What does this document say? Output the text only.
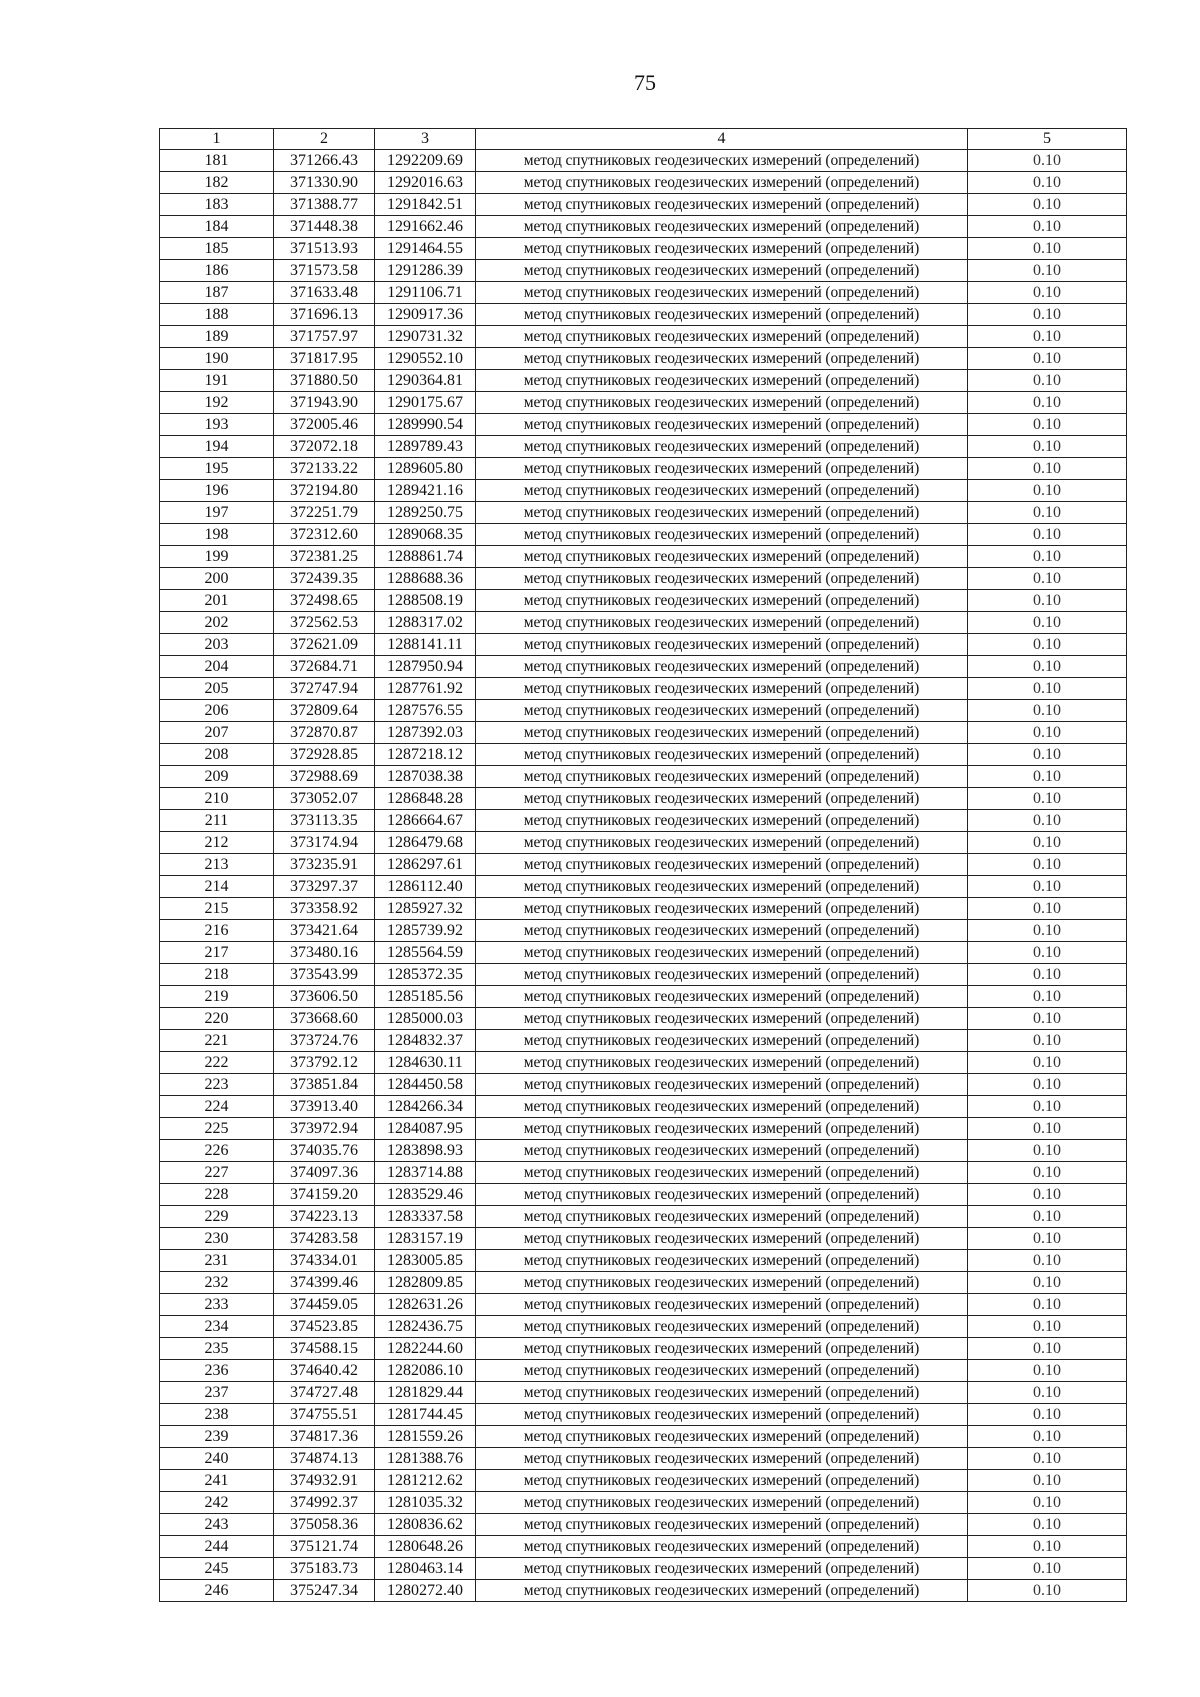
75
1	2	3	4	5
181	371266.43	1292209.69	метод спутниковых геодезических измерений (определений)	0.10
182	371330.90	1292016.63	метод спутниковых геодезических измерений (определений)	0.10
183	371388.77	1291842.51	метод спутниковых геодезических измерений (определений)	0.10
184	371448.38	1291662.46	метод спутниковых геодезических измерений (определений)	0.10
185	371513.93	1291464.55	метод спутниковых геодезических измерений (определений)	0.10
186	371573.58	1291286.39	метод спутниковых геодезических измерений (определений)	0.10
187	371633.48	1291106.71	метод спутниковых геодезических измерений (определений)	0.10
188	371696.13	1290917.36	метод спутниковых геодезических измерений (определений)	0.10
189	371757.97	1290731.32	метод спутниковых геодезических измерений (определений)	0.10
190	371817.95	1290552.10	метод спутниковых геодезических измерений (определений)	0.10
191	371880.50	1290364.81	метод спутниковых геодезических измерений (определений)	0.10
192	371943.90	1290175.67	метод спутниковых геодезических измерений (определений)	0.10
193	372005.46	1289990.54	метод спутниковых геодезических измерений (определений)	0.10
194	372072.18	1289789.43	метод спутниковых геодезических измерений (определений)	0.10
195	372133.22	1289605.80	метод спутниковых геодезических измерений (определений)	0.10
196	372194.80	1289421.16	метод спутниковых геодезических измерений (определений)	0.10
197	372251.79	1289250.75	метод спутниковых геодезических измерений (определений)	0.10
198	372312.60	1289068.35	метод спутниковых геодезических измерений (определений)	0.10
199	372381.25	1288861.74	метод спутниковых геодезических измерений (определений)	0.10
200	372439.35	1288688.36	метод спутниковых геодезических измерений (определений)	0.10
201	372498.65	1288508.19	метод спутниковых геодезических измерений (определений)	0.10
202	372562.53	1288317.02	метод спутниковых геодезических измерений (определений)	0.10
203	372621.09	1288141.11	метод спутниковых геодезических измерений (определений)	0.10
204	372684.71	1287950.94	метод спутниковых геодезических измерений (определений)	0.10
205	372747.94	1287761.92	метод спутниковых геодезических измерений (определений)	0.10
206	372809.64	1287576.55	метод спутниковых геодезических измерений (определений)	0.10
207	372870.87	1287392.03	метод спутниковых геодезических измерений (определений)	0.10
208	372928.85	1287218.12	метод спутниковых геодезических измерений (определений)	0.10
209	372988.69	1287038.38	метод спутниковых геодезических измерений (определений)	0.10
210	373052.07	1286848.28	метод спутниковых геодезических измерений (определений)	0.10
211	373113.35	1286664.67	метод спутниковых геодезических измерений (определений)	0.10
212	373174.94	1286479.68	метод спутниковых геодезических измерений (определений)	0.10
213	373235.91	1286297.61	метод спутниковых геодезических измерений (определений)	0.10
214	373297.37	1286112.40	метод спутниковых геодезических измерений (определений)	0.10
215	373358.92	1285927.32	метод спутниковых геодезических измерений (определений)	0.10
216	373421.64	1285739.92	метод спутниковых геодезических измерений (определений)	0.10
217	373480.16	1285564.59	метод спутниковых геодезических измерений (определений)	0.10
218	373543.99	1285372.35	метод спутниковых геодезических измерений (определений)	0.10
219	373606.50	1285185.56	метод спутниковых геодезических измерений (определений)	0.10
220	373668.60	1285000.03	метод спутниковых геодезических измерений (определений)	0.10
221	373724.76	1284832.37	метод спутниковых геодезических измерений (определений)	0.10
222	373792.12	1284630.11	метод спутниковых геодезических измерений (определений)	0.10
223	373851.84	1284450.58	метод спутниковых геодезических измерений (определений)	0.10
224	373913.40	1284266.34	метод спутниковых геодезических измерений (определений)	0.10
225	373972.94	1284087.95	метод спутниковых геодезических измерений (определений)	0.10
226	374035.76	1283898.93	метод спутниковых геодезических измерений (определений)	0.10
227	374097.36	1283714.88	метод спутниковых геодезических измерений (определений)	0.10
228	374159.20	1283529.46	метод спутниковых геодезических измерений (определений)	0.10
229	374223.13	1283337.58	метод спутниковых геодезических измерений (определений)	0.10
230	374283.58	1283157.19	метод спутниковых геодезических измерений (определений)	0.10
231	374334.01	1283005.85	метод спутниковых геодезических измерений (определений)	0.10
232	374399.46	1282809.85	метод спутниковых геодезических измерений (определений)	0.10
233	374459.05	1282631.26	метод спутниковых геодезических измерений (определений)	0.10
234	374523.85	1282436.75	метод спутниковых геодезических измерений (определений)	0.10
235	374588.15	1282244.60	метод спутниковых геодезических измерений (определений)	0.10
236	374640.42	1282086.10	метод спутниковых геодезических измерений (определений)	0.10
237	374727.48	1281829.44	метод спутниковых геодезических измерений (определений)	0.10
238	374755.51	1281744.45	метод спутниковых геодезических измерений (определений)	0.10
239	374817.36	1281559.26	метод спутниковых геодезических измерений (определений)	0.10
240	374874.13	1281388.76	метод спутниковых геодезических измерений (определений)	0.10
241	374932.91	1281212.62	метод спутниковых геодезических измерений (определений)	0.10
242	374992.37	1281035.32	метод спутниковых геодезических измерений (определений)	0.10
243	375058.36	1280836.62	метод спутниковых геодезических измерений (определений)	0.10
244	375121.74	1280648.26	метод спутниковых геодезических измерений (определений)	0.10
245	375183.73	1280463.14	метод спутниковых геодезических измерений (определений)	0.10
246	375247.34	1280272.40	метод спутниковых геодезических измерений (определений)	0.10
